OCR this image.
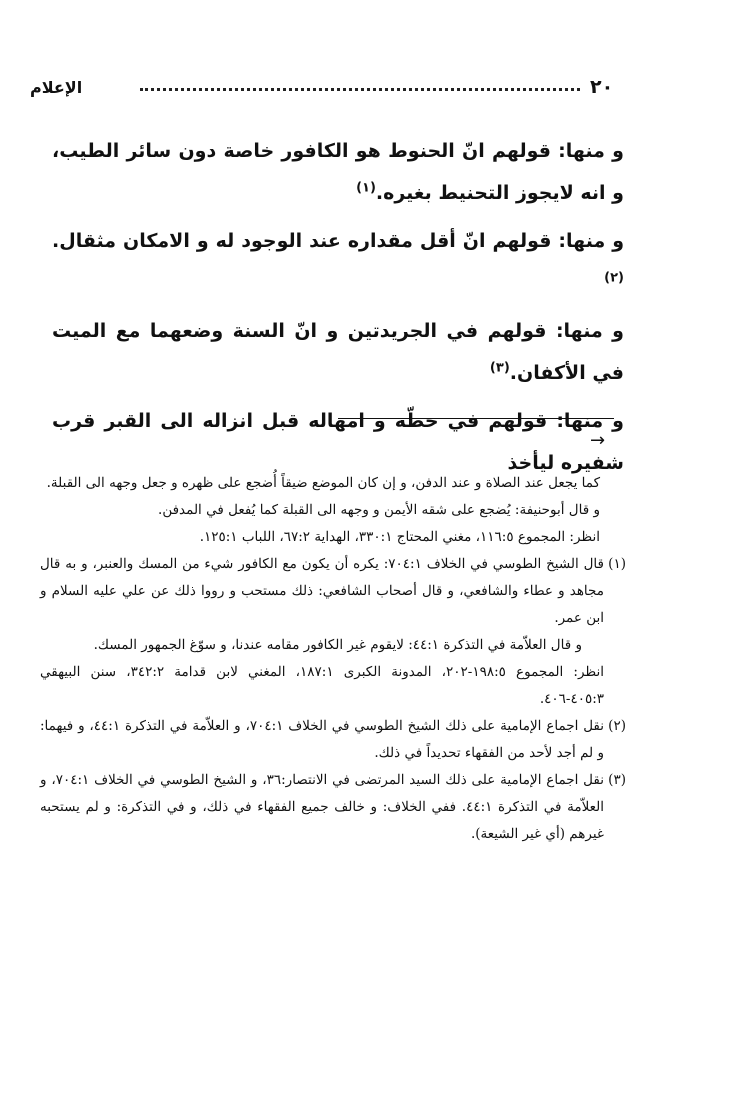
٢٠
الإعلام

و منها: قولهم انّ الحنوط هو الكافور خاصة دون سائر الطيب، و انه لايجوز التحنيط بغيره.$^{(١)}$

و منها: قولهم انّ أقل مقداره عند الوجود له و الامكان مثقال.$^{(٢)}$

و منها: قولهم في الجريدتين و انّ السنة وضعهما مع الميت في الأكفان.$^{(٣)}$

و منها: قولهم في حطّه و امهاله قبل انزاله الى القبر قرب شفيره ليأخذ

→

كما يجعل عند الصلاة و عند الدفن، و إن كان الموضع ضيقاً أُضجع على ظهره و جعل وجهه الى القبلة.

و قال أبوحنيفة: يُضجع على شقه الأيمن و وجهه الى القبلة كما يُفعل في المدفن.

انظر: المجموع ١١٦:٥، مغني المحتاج ٣٣٠:١، الهداية ٦٧:٢، اللباب ١٢٥:١.

(١)قال الشيخ الطوسي في الخلاف ٧٠٤:١: يكره أن يكون مع الكافور شيء من المسك والعنبر، و به قال مجاهد و عطاء والشافعي، و قال أصحاب الشافعي: ذلك مستحب و رووا ذلك عن علي عليه السلام و ابن عمر.

و قال العلاّمة في التذكرة ٤٤:١: لايقوم غير الكافور مقامه عندنا، و سوّغ الجمهور المسك.

انظر: المجموع ١٩٨:٥-٢٠٢، المدونة الكبرى ١٨٧:١، المغني لابن قدامة ٣٤٢:٢، سنن البيهقي ٤٠٥:٣-٤٠٦.

(٢)نقل اجماع الإمامية على ذلك الشيخ الطوسي في الخلاف ٧٠٤:١، و العلاّمة في التذكرة ٤٤:١، و فيهما: و لم أجد لأحد من الفقهاء تحديداً في ذلك.

(٣)نقل اجماع الإمامية على ذلك السيد المرتضى في الانتصار:٣٦، و الشيخ الطوسي في الخلاف ٧٠٤:١، و العلاّمة في التذكرة ٤٤:١. ففي الخلاف: و خالف جميع الفقهاء في ذلك، و في التذكرة: و لم يستحبه غيرهم (أي غير الشيعة).
